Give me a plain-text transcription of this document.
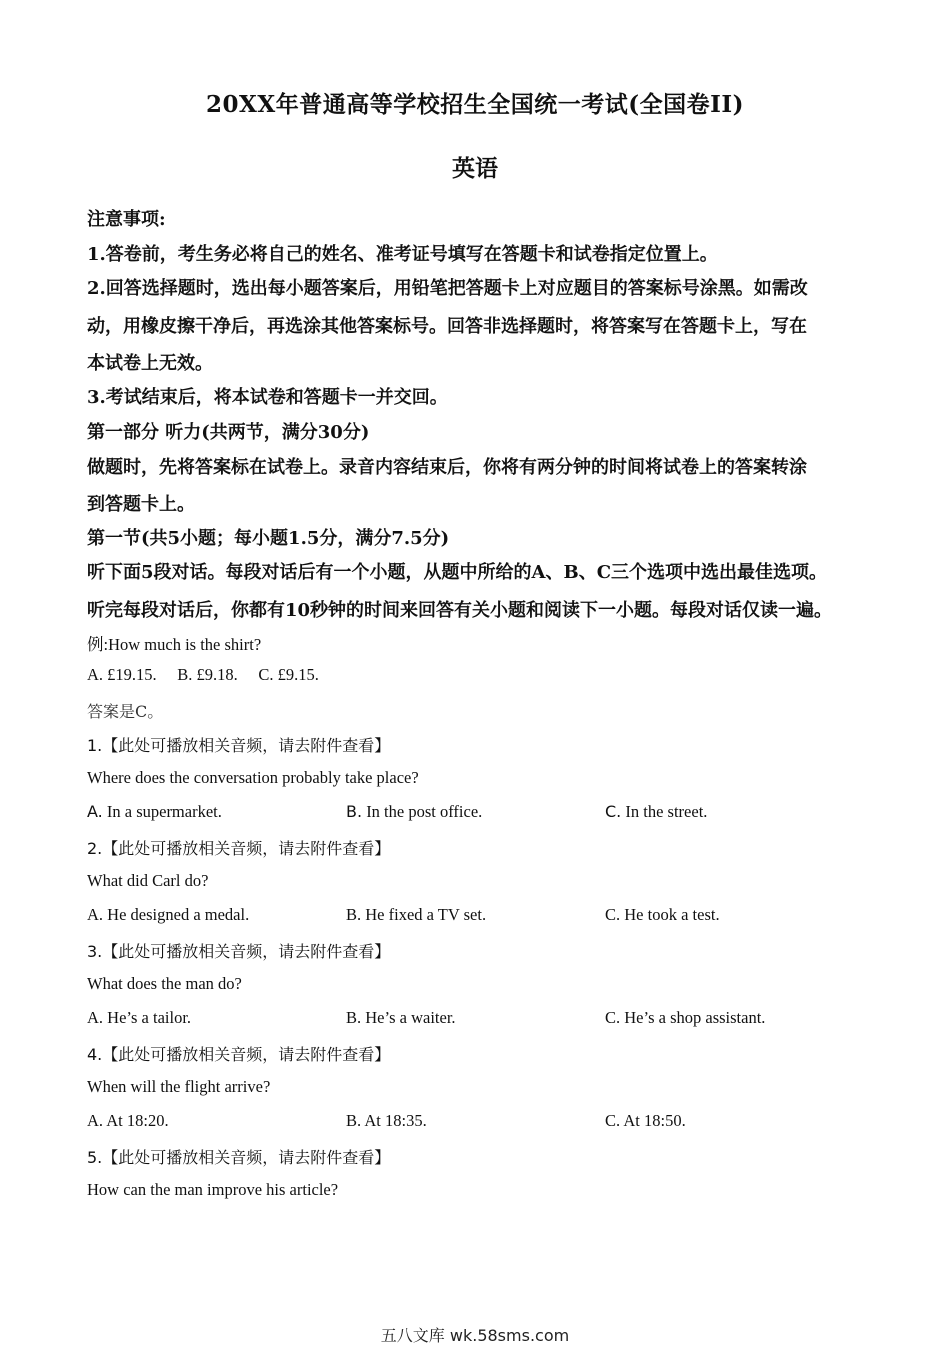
20XX年普通高等学校招生全国统一考试(全国卷II)
英语
注意事项:
1.答卷前，考生务必将自己的姓名、准考证号填写在答题卡和试卷指定位置上。
2.回答选择题时，选出每小题答案后，用铅笔把答题卡上对应题目的答案标号涂黑。如需改
动，用橡皮擦干净后，再选涂其他答案标号。回答非选择题时，将答案写在答题卡上，写在
本试卷上无效。
3.考试结束后，将本试卷和答题卡一并交回。
第一部分 听力(共两节，满分30分)
做题时，先将答案标在试卷上。录音内容结束后，你将有两分钟的时间将试卷上的答案转涂
到答题卡上。
第一节(共5小题；每小题1.5分，满分7.5分)
听下面5段对话。每段对话后有一个小题，从题中所给的A、B、C三个选项中选出最佳选项。
听完每段对话后，你都有10秒钟的时间来回答有关小题和阅读下一小题。每段对话仅读一遍。
例:How much is the shirt?
A. £19.15.     B. £9.18.     C. £9.15.
答案是C。
1.【此处可播放相关音频，请去附件查看】
Where does the conversation probably take place?
A. In a supermarket.	B. In the post office.	C. In the street.
2.【此处可播放相关音频，请去附件查看】
What did Carl do?
A. He designed a medal.	B. He fixed a TV set.	C. He took a test.
3.【此处可播放相关音频，请去附件查看】
What does the man do?
A. He’s a tailor.	B. He’s a waiter.	C. He’s a shop assistant.
4.【此处可播放相关音频，请去附件查看】
When will the flight arrive?
A. At 18:20.	B. At 18:35.	C. At 18:50.
5.【此处可播放相关音频，请去附件查看】
How can the man improve his article?
五八文库 wk.58sms.com
